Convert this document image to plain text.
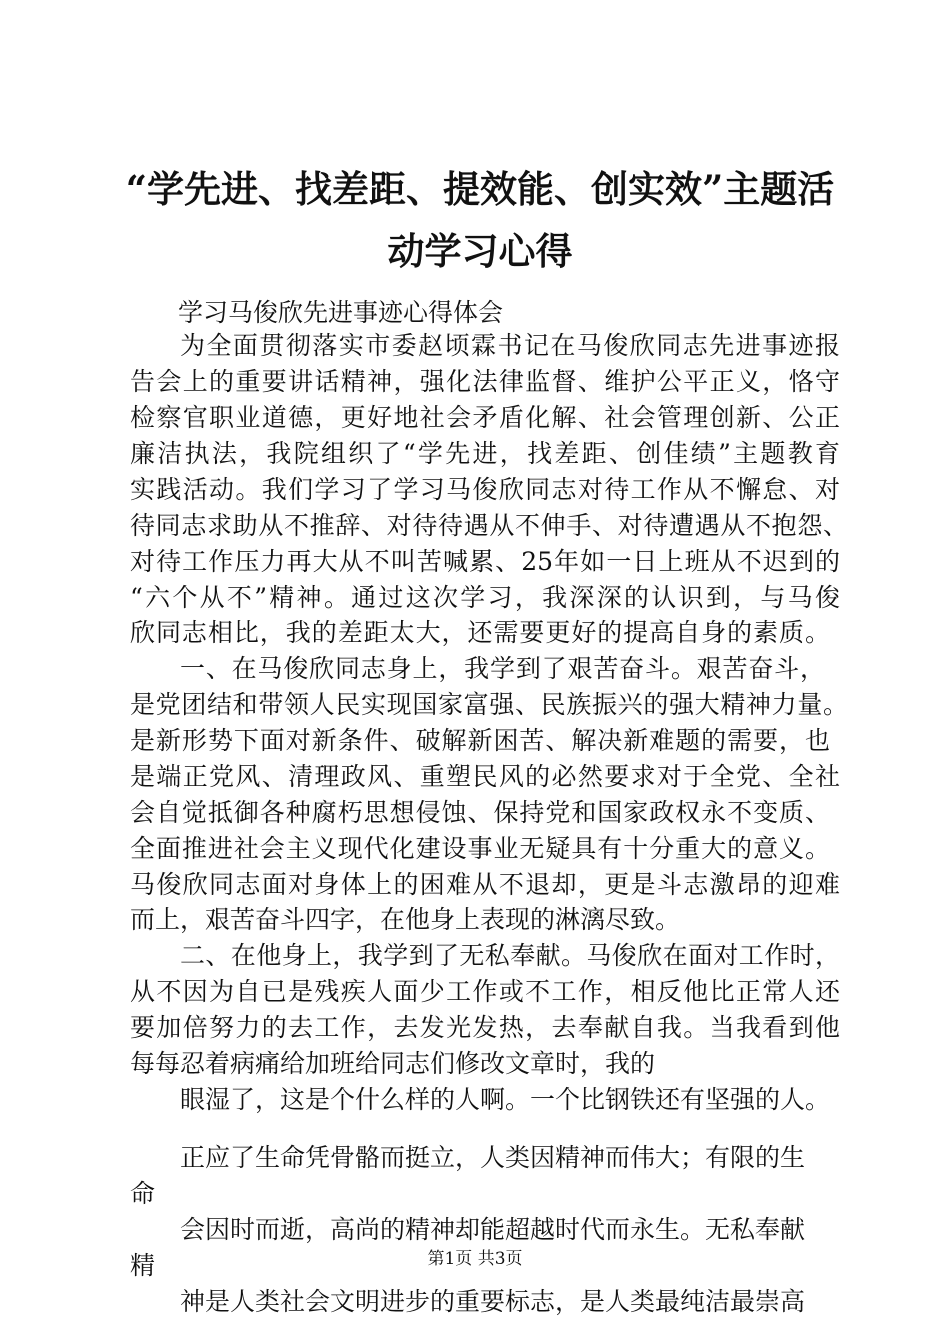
“学先进、找差距、提效能、创实效”主题活
动学习心得
学习马俊欣先进事迹心得体会
为全面贯彻落实市委赵顷霖书记在马俊欣同志先进事迹报
告会上的重要讲话精神，强化法律监督、维护公平正义，恪守
检察官职业道德，更好地社会矛盾化解、社会管理创新、公正
廉洁执法，我院组织了“学先进，找差距、创佳绩”主题教育
实践活动。我们学习了学习马俊欣同志对待工作从不懈怠、对
待同志求助从不推辞、对待待遇从不伸手、对待遭遇从不抱怨、
对待工作压力再大从不叫苦喊累、25年如一日上班从不迟到的
“六个从不”精神。通过这次学习，我深深的认识到，与马俊
欣同志相比，我的差距太大，还需要更好的提高自身的素质。
一、在马俊欣同志身上，我学到了艰苦奋斗。艰苦奋斗，
是党团结和带领人民实现国家富强、民族振兴的强大精神力量。
是新形势下面对新条件、破解新困苦、解决新难题的需要，也
是端正党风、清理政风、重塑民风的必然要求对于全党、全社
会自觉抵御各种腐朽思想侵蚀、保持党和国家政权永不变质、
全面推进社会主义现代化建设事业无疑具有十分重大的意义。
马俊欣同志面对身体上的困难从不退却，更是斗志激昂的迎难
而上，艰苦奋斗四字，在他身上表现的淋漓尽致。
二、在他身上，我学到了无私奉献。马俊欣在面对工作时，
从不因为自已是残疾人面少工作或不工作，相反他比正常人还
要加倍努力的去工作，去发光发热，去奉献自我。当我看到他
每每忍着病痛给加班给同志们修改文章时，我的
眼湿了，这是个什么样的人啊。一个比钢铁还有坚强的人。
正应了生命凭骨骼而挺立，人类因精神而伟大；有限的生
命
会因时而逝，高尚的精神却能超越时代而永生。无私奉献
精
神是人类社会文明进步的重要标志，是人类最纯洁最崇高
第1页 共3页
